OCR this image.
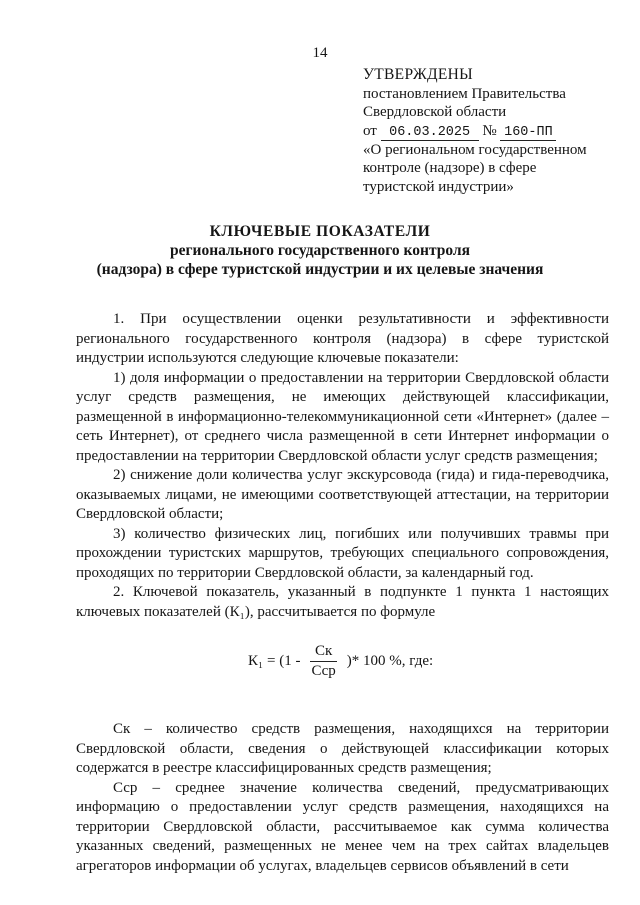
14
УТВЕРЖДЕНЫ
постановлением Правительства
Свердловской области
от 06.03.2025 № 160-ПП
«О региональном государственном
контроле (надзоре) в сфере
туристской индустрии»
КЛЮЧЕВЫЕ ПОКАЗАТЕЛИ
регионального государственного контроля
(надзора) в сфере туристской индустрии и их целевые значения

1. При осуществлении оценки результативности и эффективности регионального государственного контроля (надзора) в сфере туристской индустрии используются следующие ключевые показатели:

1) доля информации о предоставлении на территории Свердловской области услуг средств размещения, не имеющих действующей классификации, размещенной в информационно-телекоммуникационной сети «Интернет» (далее – сеть Интернет), от среднего числа размещенной в сети Интернет информации о предоставлении на территории Свердловской области услуг средств размещения;

2) снижение доли количества услуг экскурсовода (гида) и гида-переводчика, оказываемых лицами, не имеющими соответствующей аттестации, на территории Свердловской области;

3) количество физических лиц, погибших или получивших травмы при прохождении туристских маршрутов, требующих специального сопровождения, проходящих по территории Свердловской области, за календарный год.

2. Ключевой показатель, указанный в подпункте 1 пункта 1 настоящих ключевых показателей (К₁), рассчитывается по формуле

$К_1 = (1 - \frac{Ск}{\text{Сср}}$ )* 100 %, где:

Ск – количество средств размещения, находящихся на территории Свердловской области, сведения о действующей классификации которых содержатся в реестре классифицированных средств размещения;

Сср – среднее значение количества сведений, предусматривающих информацию о предоставлении услуг средств размещения, находящихся на территории Свердловской области, рассчитываемое как сумма количества указанных сведений, размещенных не менее чем на трех сайтах владельцев агрегаторов информации об услугах, владельцев сервисов объявлений в сети
